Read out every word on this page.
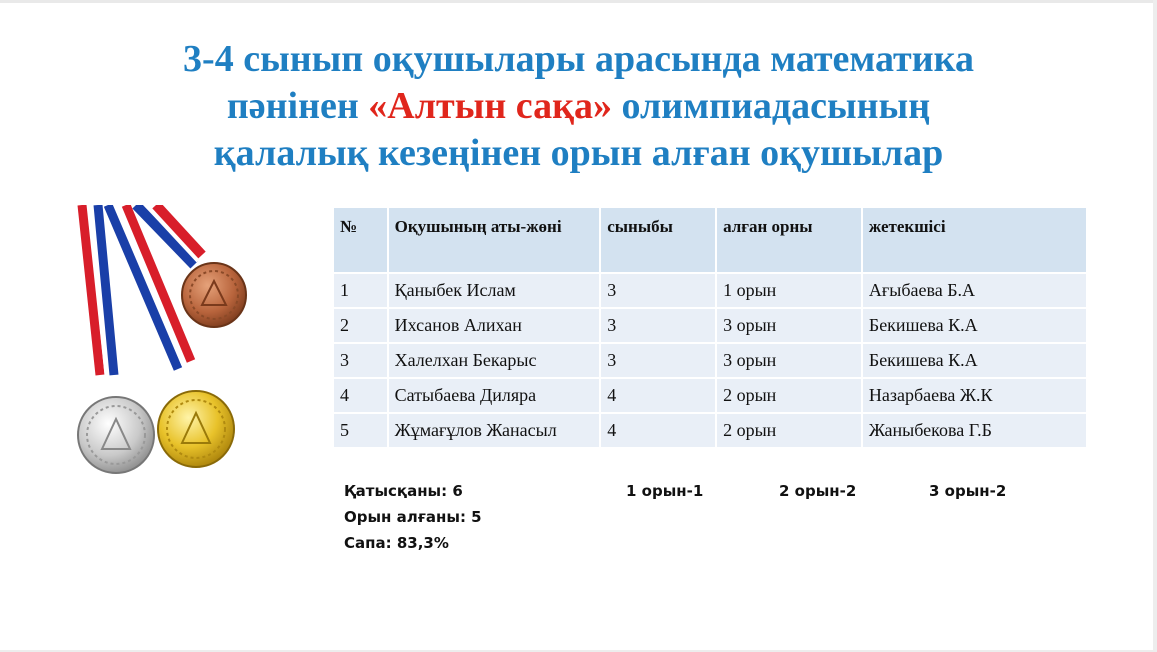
3-4 сынып оқушылары арасында математика
пәнінен «Алтын сақа» олимпиадасының
қалалық кезеңінен орын алған оқушылар
№	Оқушының аты-жөні	сыныбы	алған орны	жетекшісі
1	Қаныбек Ислам	3	1 орын	Ағыбаева Б.А
2	Ихсанов Алихан	3	3 орын	Бекишева К.А
3	Халелхан Бекарыс	3	3 орын	Бекишева К.А
4	Сатыбаева Диляра	4	2 орын	Назарбаева Ж.К
5	Жұмағұлов Жанасыл	4	2 орын	Жаныбекова Г.Б
Қатысқаны: 6
Орын алғаны: 5
Сапа: 83,3%
1 орын-1	2 орын-2	3 орын-2
